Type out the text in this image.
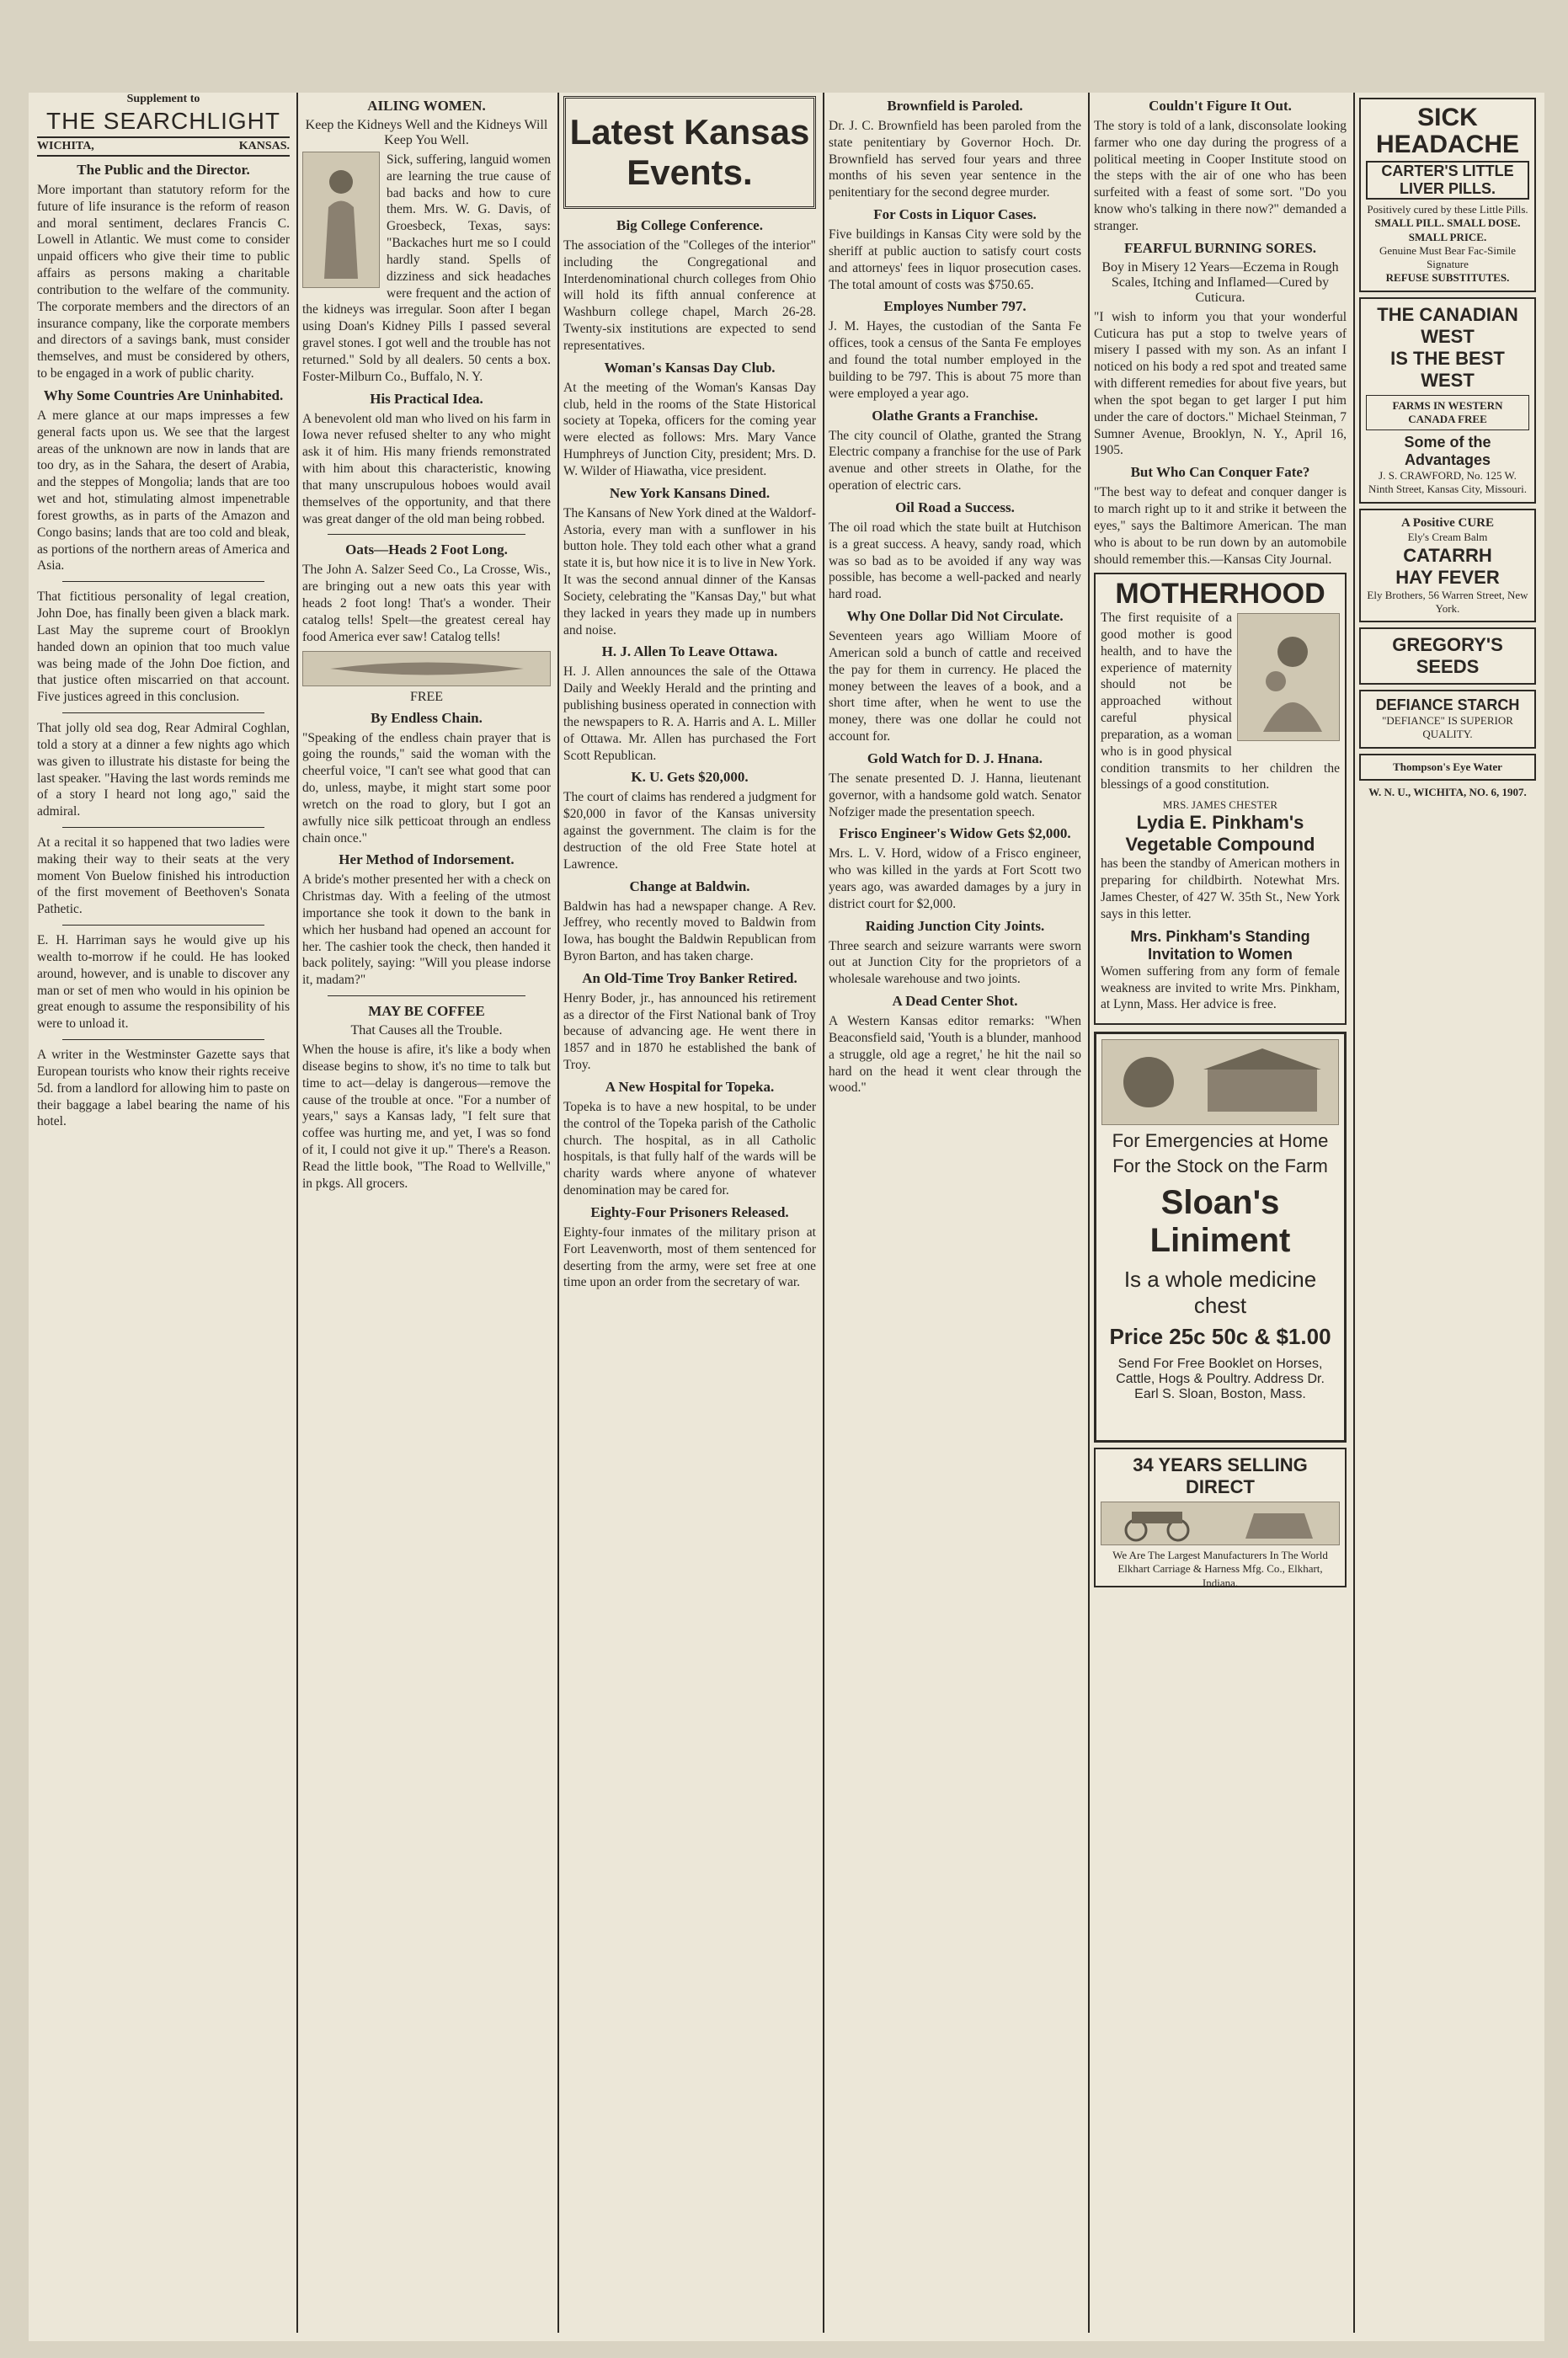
Supplement to
THE SEARCHLIGHT
WICHITA,	KANSAS.
The Public and the Director.

More important than statutory reform for the future of life insurance is the reform of reason and moral sentiment, declares Francis C. Lowell in Atlantic. We must come to consider unpaid officers who give their time to public affairs as persons making a charitable contribution to the welfare of the community. The corporate members and the directors of an insurance company, like the corporate members and directors of a savings bank, must consider themselves, and must be considered by others, to be engaged in a work of public charity.

Why Some Countries Are Uninhabited.

A mere glance at our maps impresses a few general facts upon us. We see that the largest areas of the unknown are now in lands that are too dry, as in the Sahara, the desert of Arabia, and the steppes of Mongolia; lands that are too wet and hot, stimulating almost impenetrable forest growths, as in parts of the Amazon and Congo basins; lands that are too cold and bleak, as portions of the northern areas of America and Asia.

That fictitious personality of legal creation, John Doe, has finally been given a black mark. Last May the supreme court of Brooklyn handed down an opinion that too much value was being made of the John Doe fiction, and that justice often miscarried on that account. Five justices agreed in this conclusion.

That jolly old sea dog, Rear Admiral Coghlan, told a story at a dinner a few nights ago which was given to illustrate his distaste for being the last speaker. "Having the last words reminds me of a story I heard not long ago," said the admiral.

At a recital it so happened that two ladies were making their way to their seats at the very moment Von Buelow finished his introduction of the first movement of Beethoven's Sonata Pathetic.

E. H. Harriman says he would give up his wealth to-morrow if he could. He has looked around, however, and is unable to discover any man or set of men who would in his opinion be great enough to assume the responsibility of his were to unload it.

A writer in the Westminster Gazette says that European tourists who know their rights receive 5d. from a landlord for allowing him to paste on their baggage a label bearing the name of his hotel.

AILING WOMEN.
Keep the Kidneys Well and the Kidneys Will Keep You Well.

Sick, suffering, languid women are learning the true cause of bad backs and how to cure them. Mrs. W. G. Davis, of Groesbeck, Texas, says: "Backaches hurt me so I could hardly stand. Spells of dizziness and sick headaches were frequent and the action of the kidneys was irregular. Soon after I began using Doan's Kidney Pills I passed several gravel stones. I got well and the trouble has not returned." Sold by all dealers. 50 cents a box. Foster-Milburn Co., Buffalo, N. Y.

His Practical Idea.

A benevolent old man who lived on his farm in Iowa never refused shelter to any who might ask it of him. His many friends remonstrated with him about this characteristic, knowing that many unscrupulous hoboes would avail themselves of the opportunity, and that there was great danger of the old man being robbed.

Oats—Heads 2 Foot Long.

The John A. Salzer Seed Co., La Crosse, Wis., are bringing out a new oats this year with heads 2 foot long! That's a wonder. Their catalog tells! Spelt—the greatest cereal hay food America ever saw! Catalog tells!

FREE
By Endless Chain.

"Speaking of the endless chain prayer that is going the rounds," said the woman with the cheerful voice, "I can't see what good that can do, unless, maybe, it might start some poor wretch on the road to glory, but I got an awfully nice silk petticoat through an endless chain once."

Her Method of Indorsement.

A bride's mother presented her with a check on Christmas day. With a feeling of the utmost importance she took it down to the bank in which her husband had opened an account for her. The cashier took the check, then handed it back politely, saying: "Will you please indorse it, madam?"

MAY BE COFFEE
That Causes all the Trouble.

When the house is afire, it's like a body when disease begins to show, it's no time to talk but time to act—delay is dangerous—remove the cause of the trouble at once. "For a number of years," says a Kansas lady, "I felt sure that coffee was hurting me, and yet, I was so fond of it, I could not give it up." There's a Reason. Read the little book, "The Road to Wellville," in pkgs. All grocers.

Latest Kansas Events.
Big College Conference.

The association of the "Colleges of the interior" including the Congregational and Interdenominational church colleges from Ohio will hold its fifth annual conference at Washburn college chapel, March 26-28. Twenty-six institutions are expected to send representatives.

Woman's Kansas Day Club.

At the meeting of the Woman's Kansas Day club, held in the rooms of the State Historical society at Topeka, officers for the coming year were elected as follows: Mrs. Mary Vance Humphreys of Junction City, president; Mrs. D. W. Wilder of Hiawatha, vice president.

New York Kansans Dined.

The Kansans of New York dined at the Waldorf-Astoria, every man with a sunflower in his button hole. They told each other what a grand state it is, but how nice it is to live in New York. It was the second annual dinner of the Kansas Society, celebrating the "Kansas Day," but what they lacked in years they made up in numbers and noise.

H. J. Allen To Leave Ottawa.

H. J. Allen announces the sale of the Ottawa Daily and Weekly Herald and the printing and publishing business operated in connection with the newspapers to R. A. Harris and A. L. Miller of Ottawa. Mr. Allen has purchased the Fort Scott Republican.

K. U. Gets $20,000.

The court of claims has rendered a judgment for $20,000 in favor of the Kansas university against the government. The claim is for the destruction of the old Free State hotel at Lawrence.

Change at Baldwin.

Baldwin has had a newspaper change. A Rev. Jeffrey, who recently moved to Baldwin from Iowa, has bought the Baldwin Republican from Byron Barton, and has taken charge.

An Old-Time Troy Banker Retired.

Henry Boder, jr., has announced his retirement as a director of the First National bank of Troy because of advancing age. He went there in 1857 and in 1870 he established the bank of Troy.

A New Hospital for Topeka.

Topeka is to have a new hospital, to be under the control of the Topeka parish of the Catholic church. The hospital, as in all Catholic hospitals, is that fully half of the wards will be charity wards where anyone of whatever denomination may be cared for.

Eighty-Four Prisoners Released.

Eighty-four inmates of the military prison at Fort Leavenworth, most of them sentenced for deserting from the army, were set free at one time upon an order from the secretary of war.

Brownfield is Paroled.

Dr. J. C. Brownfield has been paroled from the state penitentiary by Governor Hoch. Dr. Brownfield has served four years and three months of his seven year sentence in the penitentiary for the second degree murder.

For Costs in Liquor Cases.

Five buildings in Kansas City were sold by the sheriff at public auction to satisfy court costs and attorneys' fees in liquor prosecution cases. The total amount of costs was $750.65.

Employes Number 797.

J. M. Hayes, the custodian of the Santa Fe offices, took a census of the Santa Fe employes and found the total number employed in the building to be 797. This is about 75 more than were employed a year ago.

Olathe Grants a Franchise.

The city council of Olathe, granted the Strang Electric company a franchise for the use of Park avenue and other streets in Olathe, for the operation of electric cars.

Oil Road a Success.

The oil road which the state built at Hutchison is a great success. A heavy, sandy road, which was so bad as to be avoided if any way was possible, has become a well-packed and nearly hard road.

Why One Dollar Did Not Circulate.

Seventeen years ago William Moore of American sold a bunch of cattle and received the pay for them in currency. He placed the money between the leaves of a book, and a short time after, when he went to use the money, there was one dollar he could not account for.

Gold Watch for D. J. Hnana.

The senate presented D. J. Hanna, lieutenant governor, with a handsome gold watch. Senator Nofziger made the presentation speech.

Frisco Engineer's Widow Gets $2,000.

Mrs. L. V. Hord, widow of a Frisco engineer, who was killed in the yards at Fort Scott two years ago, was awarded damages by a jury in district court for $2,000.

Raiding Junction City Joints.

Three search and seizure warrants were sworn out at Junction City for the proprietors of a wholesale warehouse and two joints.

A Dead Center Shot.

A Western Kansas editor remarks: "When Beaconsfield said, 'Youth is a blunder, manhood a struggle, old age a regret,' he hit the nail so hard on the head it went clear through the wood."

Couldn't Figure It Out.

The story is told of a lank, disconsolate looking farmer who one day during the progress of a political meeting in Cooper Institute stood on the steps with the air of one who has been surfeited with a feast of some sort. "Do you know who's talking in there now?" demanded a stranger.

FEARFUL BURNING SORES.
Boy in Misery 12 Years—Eczema in Rough Scales, Itching and Inflamed—Cured by Cuticura.

"I wish to inform you that your wonderful Cuticura has put a stop to twelve years of misery I passed with my son. As an infant I noticed on his body a red spot and treated same with different remedies for about five years, but when the spot began to get larger I put him under the care of doctors." Michael Steinman, 7 Sumner Avenue, Brooklyn, N. Y., April 16, 1905.

But Who Can Conquer Fate?

"The best way to defeat and conquer danger is to march right up to it and strike it between the eyes," says the Baltimore American. The man who is about to be run down by an automobile should remember this.—Kansas City Journal.

MOTHERHOOD

The first requisite of a good mother is good health, and to have the experience of maternity should not be approached without careful physical preparation, as a woman who is in good physical condition transmits to her children the blessings of a good constitution.

MRS. JAMES CHESTER
Lydia E. Pinkham's Vegetable Compound

has been the standby of American mothers in preparing for childbirth. Notewhat Mrs. James Chester, of 427 W. 35th St., New York says in this letter.

Mrs. Pinkham's Standing Invitation to Women

Women suffering from any form of female weakness are invited to write Mrs. Pinkham, at Lynn, Mass. Her advice is free.

For Emergencies at Home
For the Stock on the Farm
Sloan's Liniment
Is a whole medicine chest
Price 25c 50c & $1.00
Send For Free Booklet on Horses, Cattle, Hogs & Poultry. Address Dr. Earl S. Sloan, Boston, Mass.
34 YEARS SELLING DIRECT
We Are The Largest Manufacturers In The World
Elkhart Carriage & Harness Mfg. Co., Elkhart, Indiana.
SICK HEADACHE
CARTER'S LITTLE LIVER PILLS.
Positively cured by these Little Pills.
SMALL PILL. SMALL DOSE. SMALL PRICE.
Genuine Must Bear Fac-Simile Signature
REFUSE SUBSTITUTES.
THE CANADIAN WEST
IS THE BEST WEST
FARMS IN WESTERN CANADA FREE
Some of the Advantages
J. S. CRAWFORD, No. 125 W. Ninth Street, Kansas City, Missouri.
A Positive CURE
Ely's Cream Balm
CATARRH
HAY FEVER
Ely Brothers, 56 Warren Street, New York.
GREGORY'S SEEDS
DEFIANCE STARCH
"DEFIANCE" IS SUPERIOR QUALITY.
Thompson's Eye Water
W. N. U., WICHITA, NO. 6, 1907.
